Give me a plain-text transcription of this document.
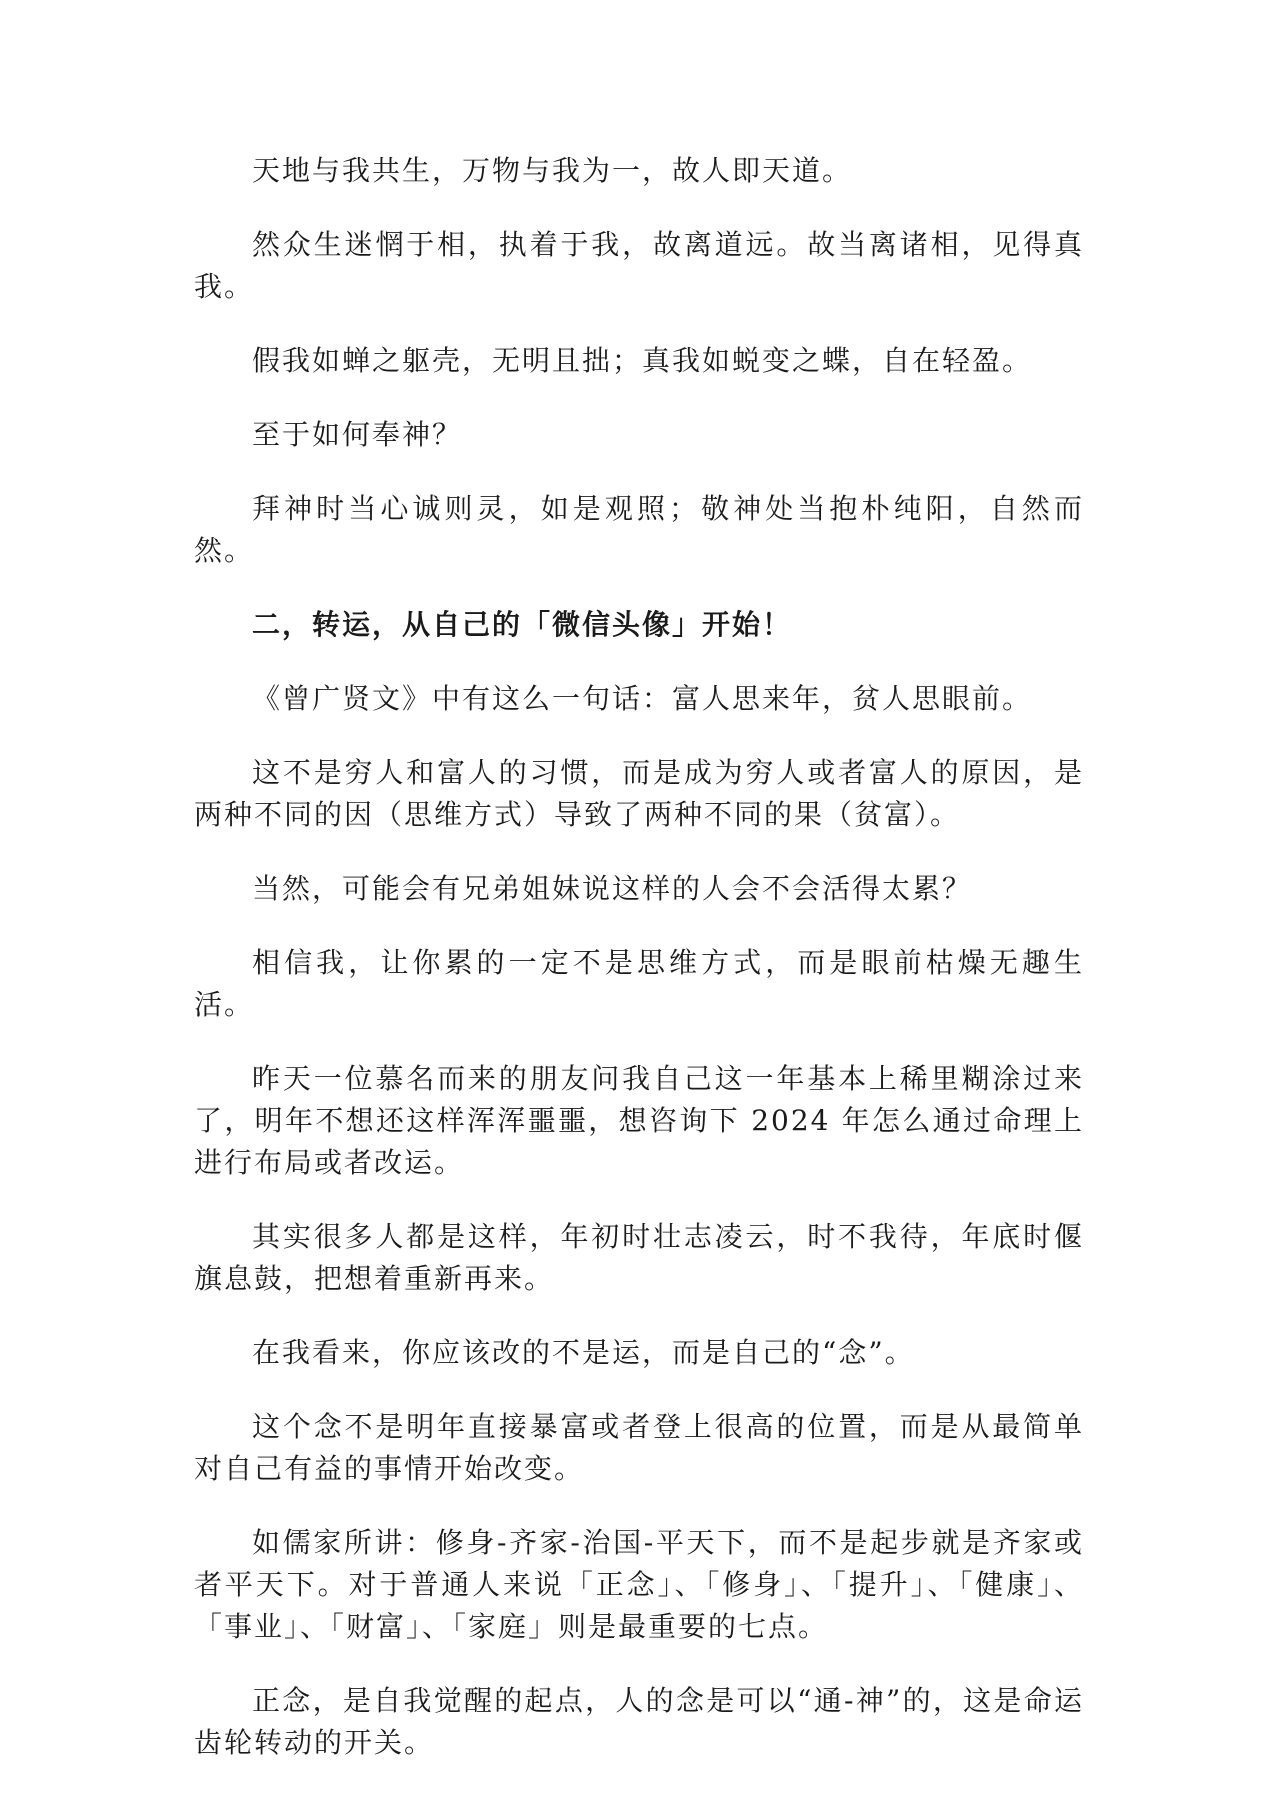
天地与我共生，万物与我为一，故人即天道。

然众生迷惘于相，执着于我，故离道远。故当离诸相，见得真我。

假我如蝉之躯壳，无明且拙；真我如蜕变之蝶，自在轻盈。

至于如何奉神？

拜神时当心诚则灵，如是观照；敬神处当抱朴纯阳，自然而然。

二，转运，从自己的「微信头像」开始！

《曾广贤文》中有这么一句话：富人思来年，贫人思眼前。

这不是穷人和富人的习惯，而是成为穷人或者富人的原因，是两种不同的因（思维方式）导致了两种不同的果（贫富）。

当然，可能会有兄弟姐妹说这样的人会不会活得太累？

相信我，让你累的一定不是思维方式，而是眼前枯燥无趣生活。

昨天一位慕名而来的朋友问我自己这一年基本上稀里糊涂过来了，明年不想还这样浑浑噩噩，想咨询下 2024 年怎么通过命理上进行布局或者改运。

其实很多人都是这样，年初时壮志凌云，时不我待，年底时偃旗息鼓，把想着重新再来。

在我看来，你应该改的不是运，而是自己的“念”。

这个念不是明年直接暴富或者登上很高的位置，而是从最简单对自己有益的事情开始改变。

如儒家所讲：修身-齐家-治国-平天下，而不是起步就是齐家或者平天下。对于普通人来说「正念」、「修身」、「提升」、「健康」、「事业」、「财富」、「家庭」则是最重要的七点。

正念，是自我觉醒的起点，人的念是可以“通-神”的，这是命运齿轮转动的开关。
